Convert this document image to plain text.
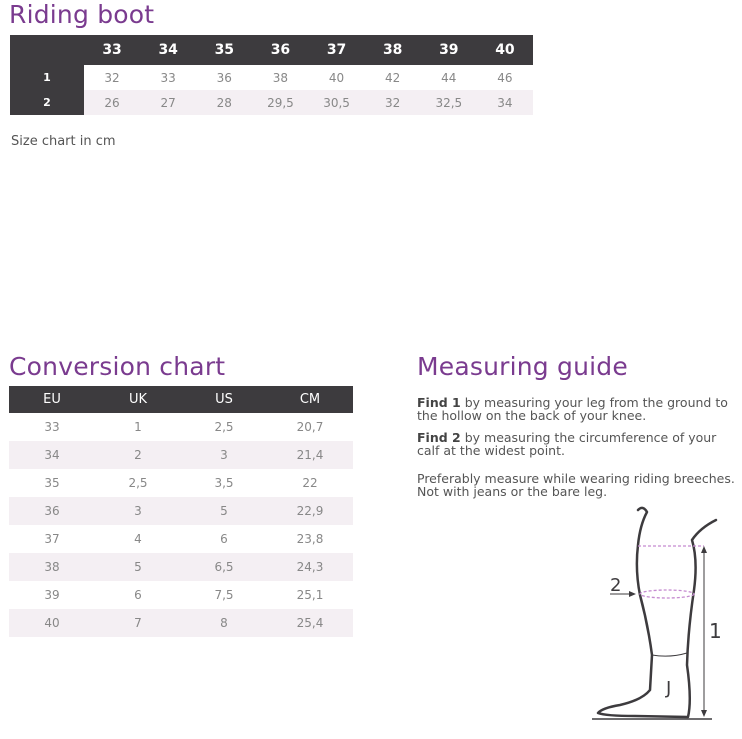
Riding boot
	33	34	35	36	37	38	39	40
1	32	33	36	38	40	42	44	46
2	26	27	28	29,5	30,5	32	32,5	34

Size chart in cm

Conversion chart
EU	UK	US	CM
33	1	2,5	20,7
34	2	3	21,4
35	2,5	3,5	22
36	3	5	22,9
37	4	6	23,8
38	5	6,5	24,3
39	6	7,5	25,1
40	7	8	25,4
Measuring guide

Find 1 by measuring your leg from the ground to the hollow on the back of your knee.

Find 2 by measuring the circumference of your calf at the widest point.

Preferably measure while wearing riding breeches. Not with jeans or the bare leg.

2
1
J
